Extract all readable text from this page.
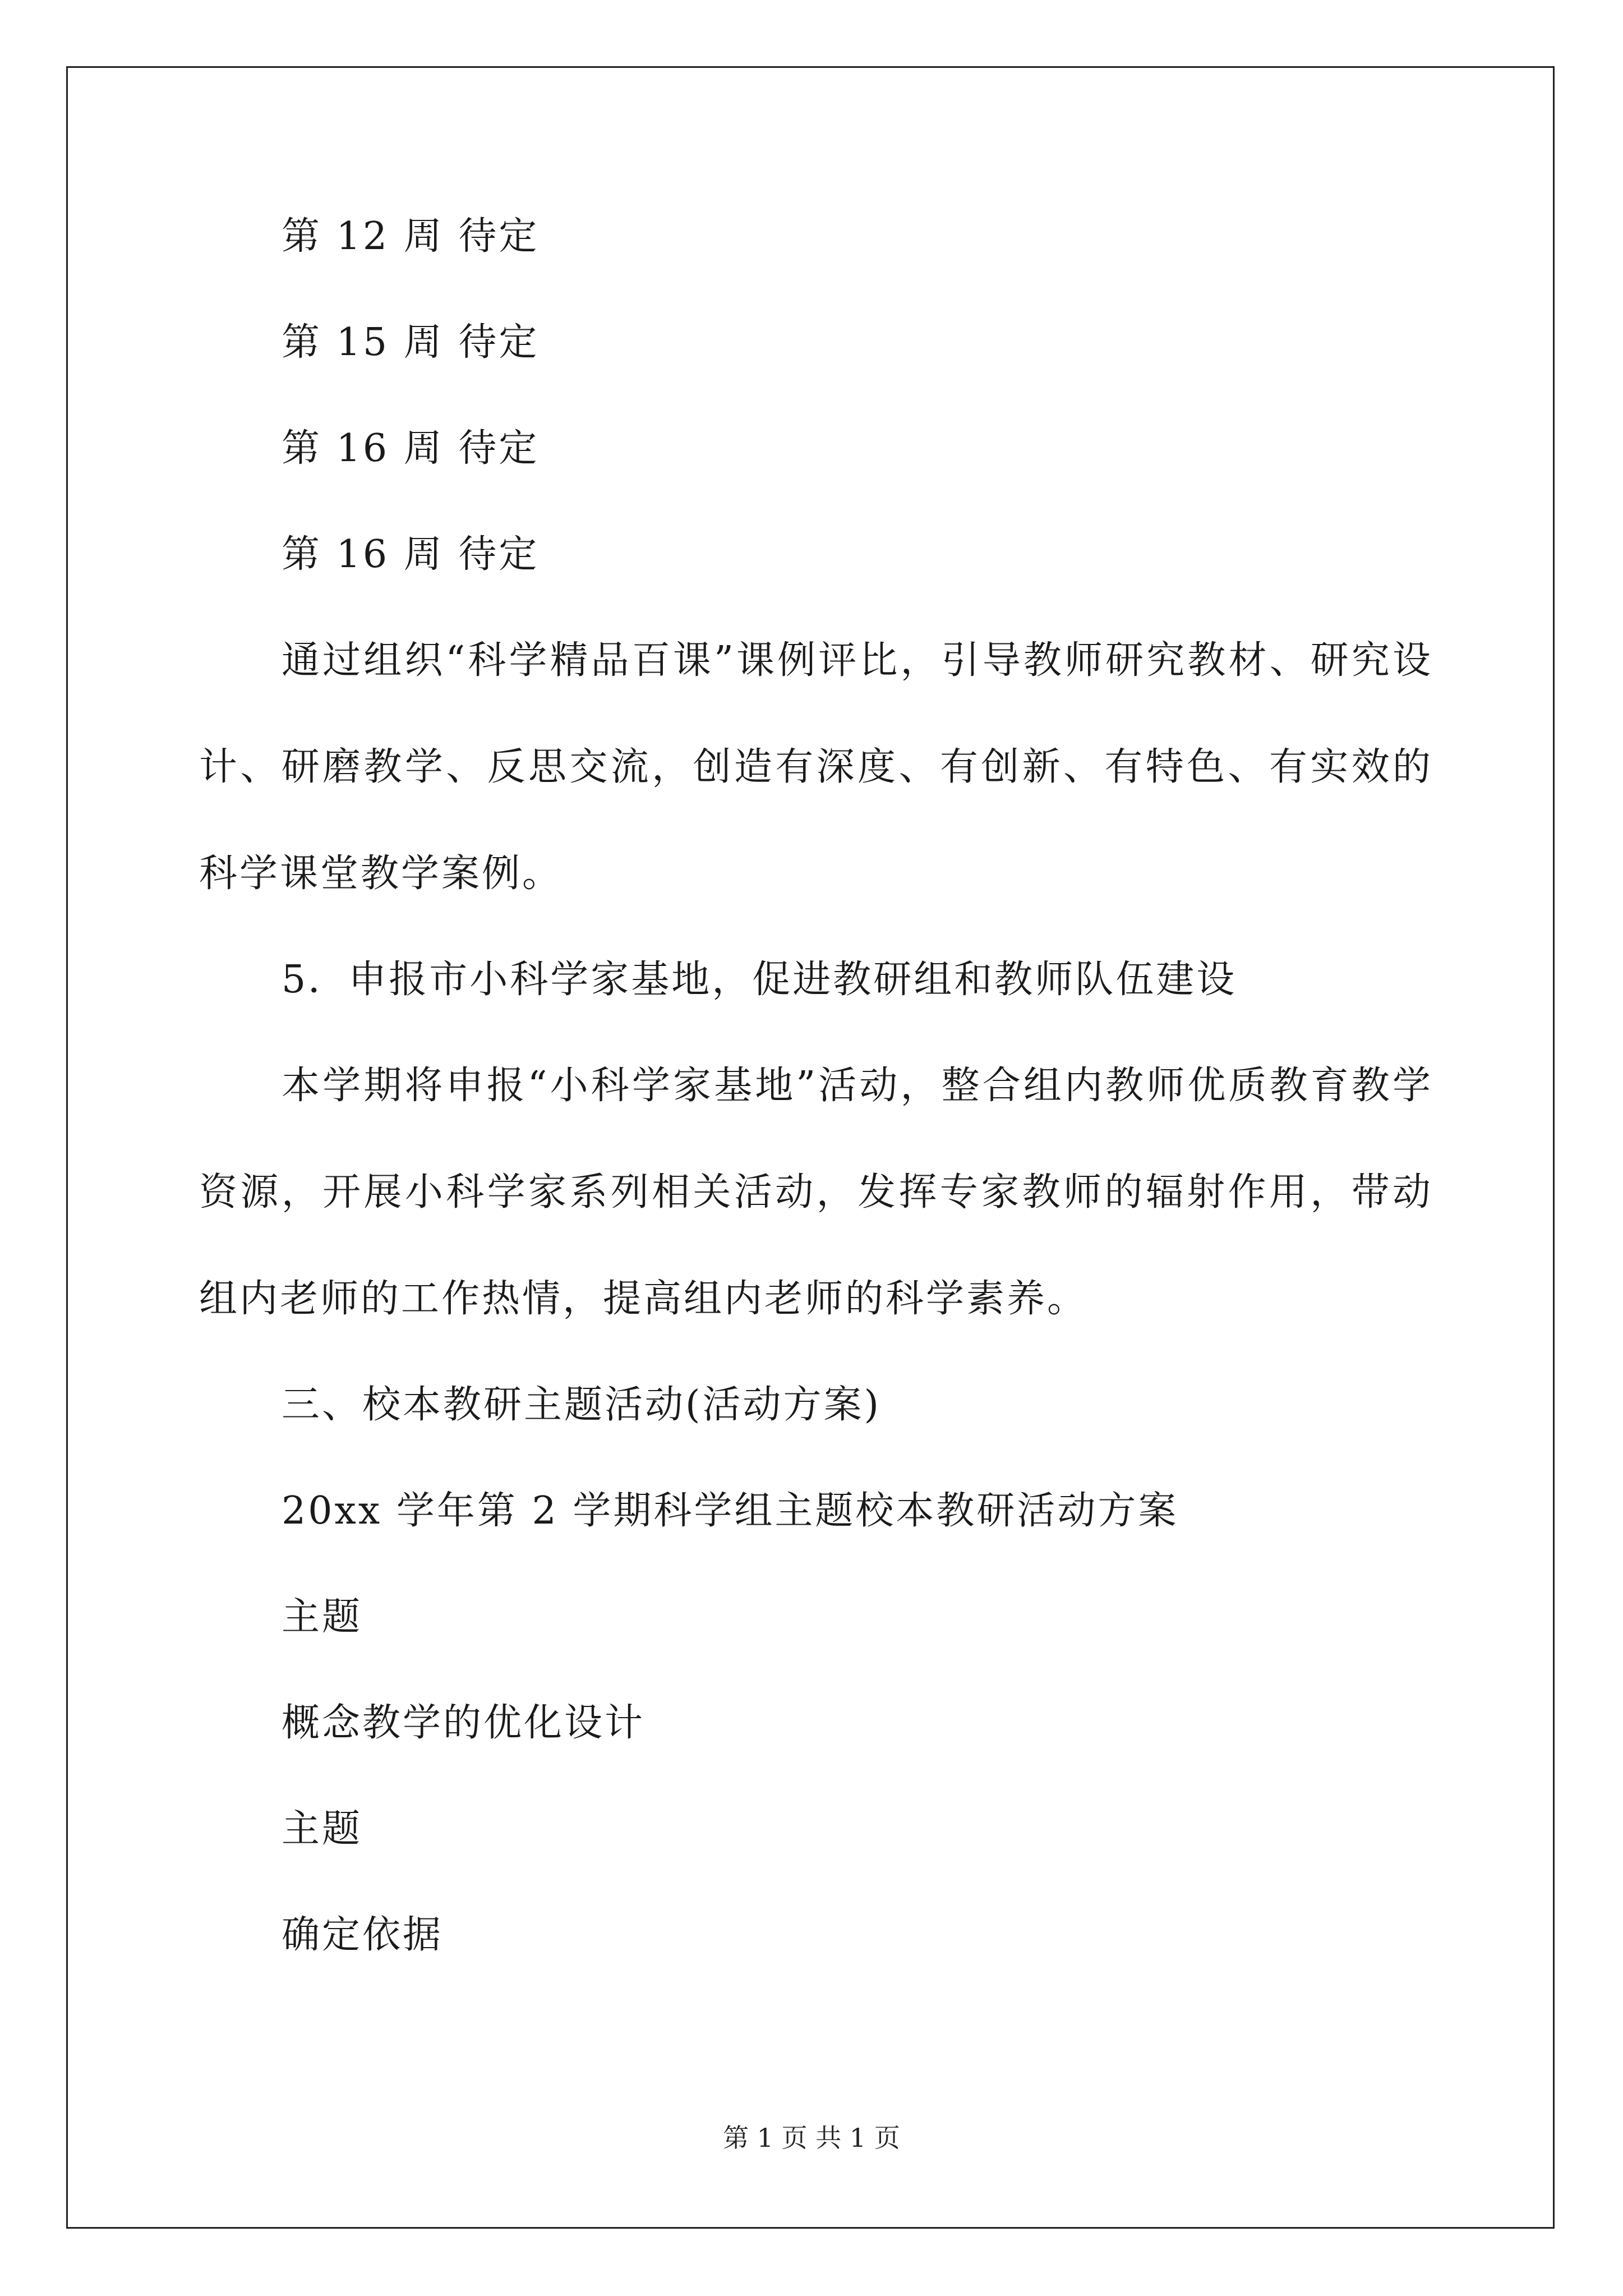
第 12 周 待定

第 15 周 待定

第 16 周 待定

第 16 周 待定

通过组织“科学精品百课”课例评比，引导教师研究教材、研究设计、研磨教学、反思交流，创造有深度、有创新、有特色、有实效的科学课堂教学案例。

5．申报市小科学家基地，促进教研组和教师队伍建设

本学期将申报“小科学家基地”活动，整合组内教师优质教育教学资源，开展小科学家系列相关活动，发挥专家教师的辐射作用，带动组内老师的工作热情，提高组内老师的科学素养。

三、校本教研主题活动(活动方案)

20xx 学年第 2 学期科学组主题校本教研活动方案

主题

概念教学的优化设计

主题

确定依据

第 1 页 共 1 页
